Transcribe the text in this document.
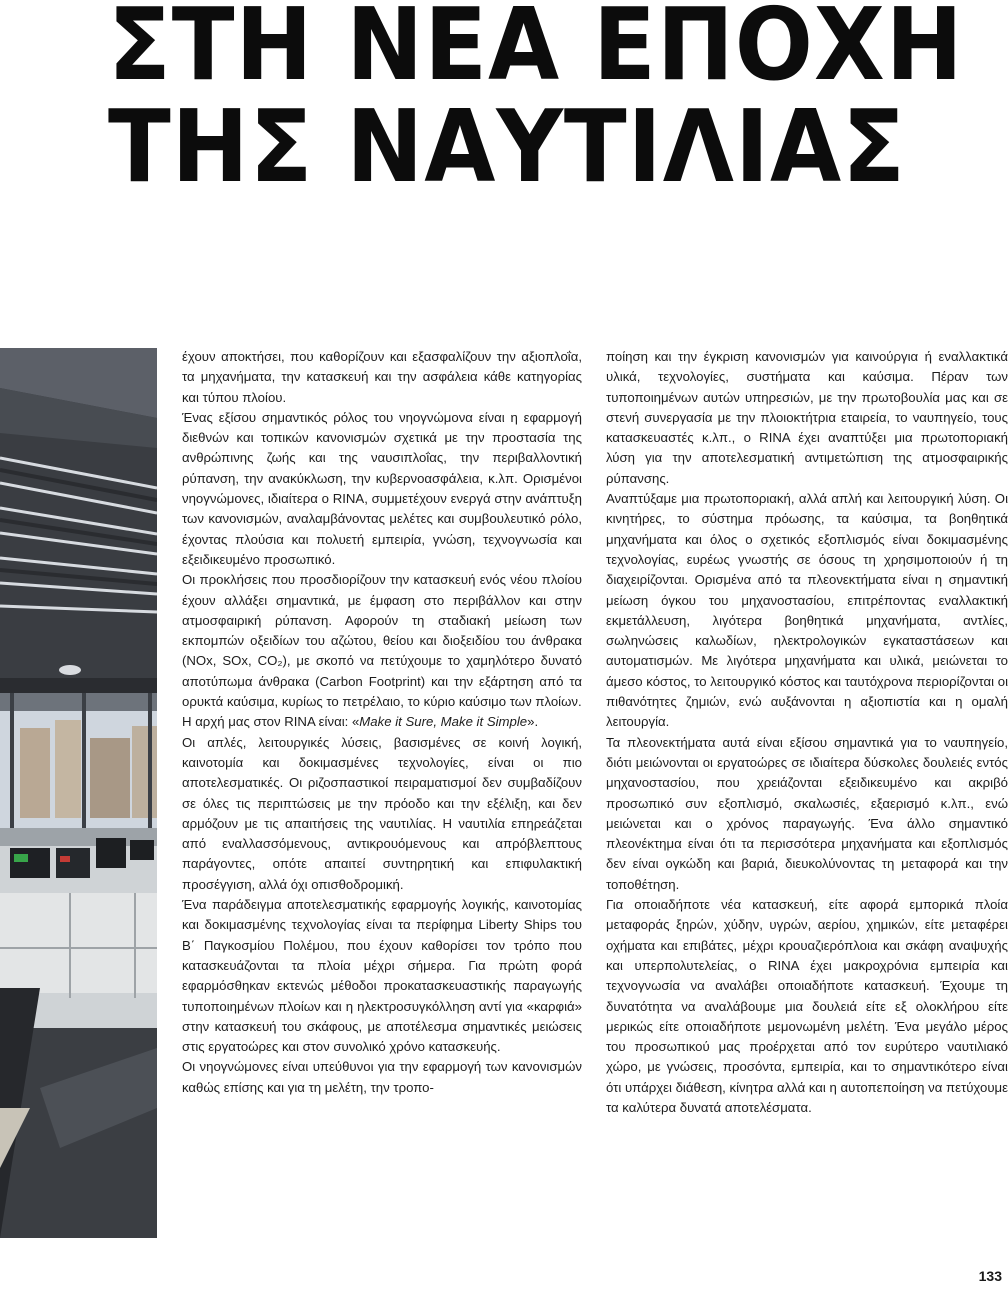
ΣΤΗ ΝΕΑ ΕΠΟΧΗ
ΤΗΣ ΝΑΥΤΙΛΙΑΣ

έχουν αποκτήσει, που καθορίζουν και εξασφαλίζουν την αξιοπλοΐα, τα μηχανήματα, την κατασκευή και την ασφάλεια κάθε κατηγορίας και τύπου πλοίου.

Ένας εξίσου σημαντικός ρόλος του νηογνώμονα είναι η εφαρμογή διεθνών και τοπικών κανονισμών σχετικά με την προστασία της ανθρώπινης ζωής και της ναυσιπλοΐας, την περιβαλλοντική ρύπανση, την ανακύκλωση, την κυβερνοασφάλεια, κ.λπ. Ορισμένοι νηογνώμονες, ιδιαίτερα ο RINA, συμμετέχουν ενεργά στην ανάπτυξη των κανονισμών, αναλαμβάνοντας μελέτες και συμβουλευτικό ρόλο, έχοντας πλούσια και πολυετή εμπειρία, γνώση, τεχνογνωσία και εξειδικευμένο προσωπικό.

Οι προκλήσεις που προσδιορίζουν την κατασκευή ενός νέου πλοίου έχουν αλλάξει σημαντικά, με έμφαση στο περιβάλλον και στην ατμοσφαιρική ρύπανση. Αφορούν τη σταδιακή μείωση των εκπομπών οξειδίων του αζώτου, θείου και διοξειδίου του άνθρακα (NOx, SOx, CO₂), με σκοπό να πετύχουμε το χαμηλότερο δυνατό αποτύπωμα άνθρακα (Carbon Footprint) και την εξάρτηση από τα ορυκτά καύσιμα, κυρίως το πετρέλαιο, το κύριο καύσιμο των πλοίων.

Η αρχή μας στον RINA είναι: «Make it Sure, Make it Simple».

Οι απλές, λειτουργικές λύσεις, βασισμένες σε κοινή λογική, καινοτομία και δοκιμασμένες τεχνολογίες, είναι οι πιο αποτελεσματικές. Οι ριζοσπαστικοί πειραματισμοί δεν συμβαδίζουν σε όλες τις περιπτώσεις με την πρόοδο και την εξέλιξη, και δεν αρμόζουν με τις απαιτήσεις της ναυτιλίας. Η ναυτιλία επηρεάζεται από εναλλασσόμενους, αντικρουόμενους και απρόβλεπτους παράγοντες, οπότε απαιτεί συντηρητική και επιφυλακτική προσέγγιση, αλλά όχι οπισθοδρομική.

Ένα παράδειγμα αποτελεσματικής εφαρμογής λογικής, καινοτομίας και δοκιμασμένης τεχνολογίας είναι τα περίφημα Liberty Ships του Β΄ Παγκοσμίου Πολέμου, που έχουν καθορίσει τον τρόπο που κατασκευάζονται τα πλοία μέχρι σήμερα. Για πρώτη φορά εφαρμόσθηκαν εκτενώς μέθοδοι προκατασκευαστικής παραγωγής τυποποιημένων πλοίων και η ηλεκτροσυγκόλληση αντί για «καρφιά» στην κατασκευή του σκάφους, με αποτέλεσμα σημαντικές μειώσεις στις εργατοώρες και στον συνολικό χρόνο κατασκευής.

Οι νηογνώμονες είναι υπεύθυνοι για την εφαρμογή των κανονισμών καθώς επίσης και για τη μελέτη, την τροπο-

ποίηση και την έγκριση κανονισμών για καινούργια ή εναλλακτικά υλικά, τεχνολογίες, συστήματα και καύσιμα. Πέραν των τυποποιημένων αυτών υπηρεσιών, με την πρωτοβουλία μας και σε στενή συνεργασία με την πλοιοκτήτρια εταιρεία, το ναυπηγείο, τους κατασκευαστές κ.λπ., ο RINA έχει αναπτύξει μια πρωτοποριακή λύση για την αποτελεσματική αντιμετώπιση της ατμοσφαιρικής ρύπανσης.

Αναπτύξαμε μια πρωτοποριακή, αλλά απλή και λειτουργική λύση. Οι κινητήρες, το σύστημα πρόωσης, τα καύσιμα, τα βοηθητικά μηχανήματα και όλος ο σχετικός εξοπλισμός είναι δοκιμασμένης τεχνολογίας, ευρέως γνωστής σε όσους τη χρησιμοποιούν ή τη διαχειρίζονται. Ορισμένα από τα πλεονεκτήματα είναι η σημαντική μείωση όγκου του μηχανοστασίου, επιτρέποντας εναλλακτική εκμετάλλευση, λιγότερα βοηθητικά μηχανήματα, αντλίες, σωληνώσεις καλωδίων, ηλεκτρολογικών εγκαταστάσεων και αυτοματισμών. Με λιγότερα μηχανήματα και υλικά, μειώνεται το άμεσο κόστος, το λειτουργικό κόστος και ταυτόχρονα περιορίζονται οι πιθανότητες ζημιών, ενώ αυξάνονται η αξιοπιστία και η ομαλή λειτουργία.

Τα πλεονεκτήματα αυτά είναι εξίσου σημαντικά για το ναυπηγείο, διότι μειώνονται οι εργατοώρες σε ιδιαίτερα δύσκολες δουλειές εντός μηχανοστασίου, που χρειάζονται εξειδικευμένο και ακριβό προσωπικό συν εξοπλισμό, σκαλωσιές, εξαερισμό κ.λπ., ενώ μειώνεται και ο χρόνος παραγωγής. Ένα άλλο σημαντικό πλεονέκτημα είναι ότι τα περισσότερα μηχανήματα και εξοπλισμός δεν είναι ογκώδη και βαριά, διευκολύνοντας τη μεταφορά και την τοποθέτηση.

Για οποιαδήποτε νέα κατασκευή, είτε αφορά εμπορικά πλοία μεταφοράς ξηρών, χύδην, υγρών, αερίου, χημικών, είτε μεταφέρει οχήματα και επιβάτες, μέχρι κρουαζιερόπλοια και σκάφη αναψυχής και υπερπολυτελείας, ο RINA έχει μακροχρόνια εμπειρία και τεχνογνωσία να αναλάβει οποιαδήποτε κατασκευή. Έχουμε τη δυνατότητα να αναλάβουμε μια δουλειά είτε εξ ολοκλήρου είτε μερικώς είτε οποιαδήποτε μεμονωμένη μελέτη. Ένα μεγάλο μέρος του προσωπικού μας προέρχεται από τον ευρύτερο ναυτιλιακό χώρο, με γνώσεις, προσόντα, εμπειρία, και το σημαντικότερο είναι ότι υπάρχει διάθεση, κίνητρα αλλά και η αυτοπεποίηση να πετύχουμε τα καλύτερα δυνατά αποτελέσματα.

133
